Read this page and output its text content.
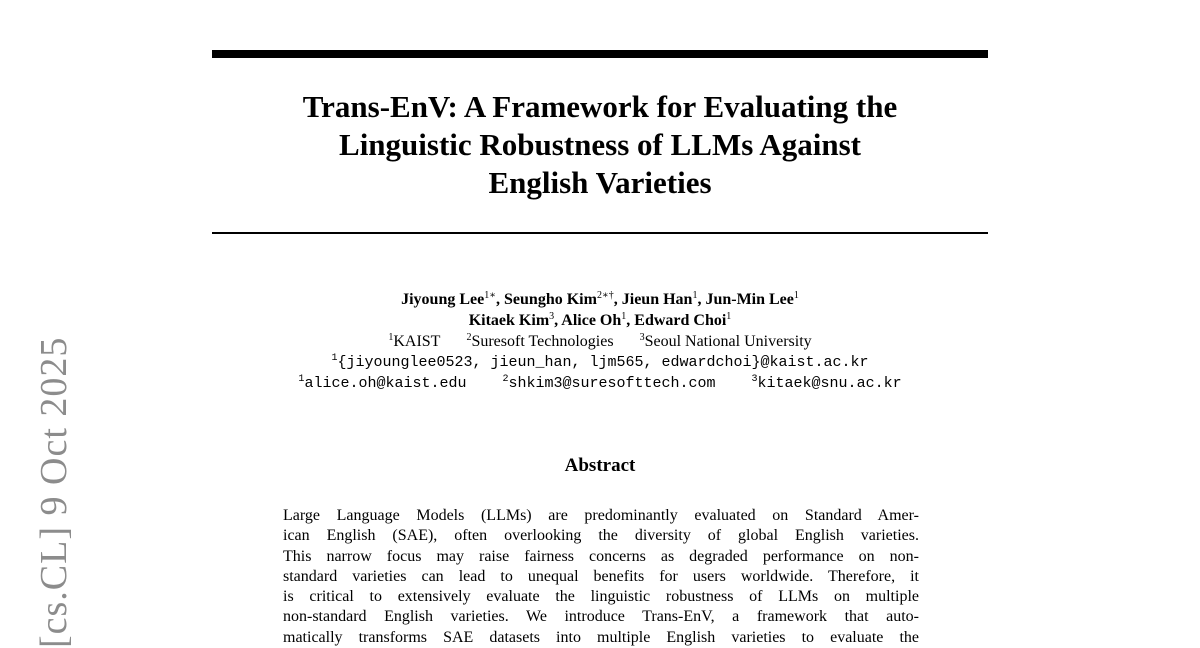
Trans-EnV: A Framework for Evaluating the
Linguistic Robustness of LLMs Against
English Varieties
Jiyoung Lee$^{1∗}$, Seungho Kim$^{2∗\dagger}$, Jieun Han$^1$, Jun-Min Lee$^1$
Kitaek Kim$^3$, Alice Oh$^1$, Edward Choi$^1$
$^1$KAIST	$^2$Suresoft Technologies	$^3$Seoul National University
$^1${jiyounglee0523, jieun_han, ljm565, edwardchoi}@kaist.ac.kr
$^1$alice.oh@kaist.edu	$^2$shkim3@suresofttech.com	$^3$kitaek@snu.ac.kr
Abstract
Large Language Models (LLMs) are predominantly evaluated on Standard Amer-
ican English (SAE), often overlooking the diversity of global English varieties.
This narrow focus may raise fairness concerns as degraded performance on non-
standard varieties can lead to unequal benefits for users worldwide. Therefore, it
is critical to extensively evaluate the linguistic robustness of LLMs on multiple
non-standard English varieties. We introduce Trans-EnV, a framework that auto-
matically transforms SAE datasets into multiple English varieties to evaluate the
[cs.CL] 9 Oct 2025
